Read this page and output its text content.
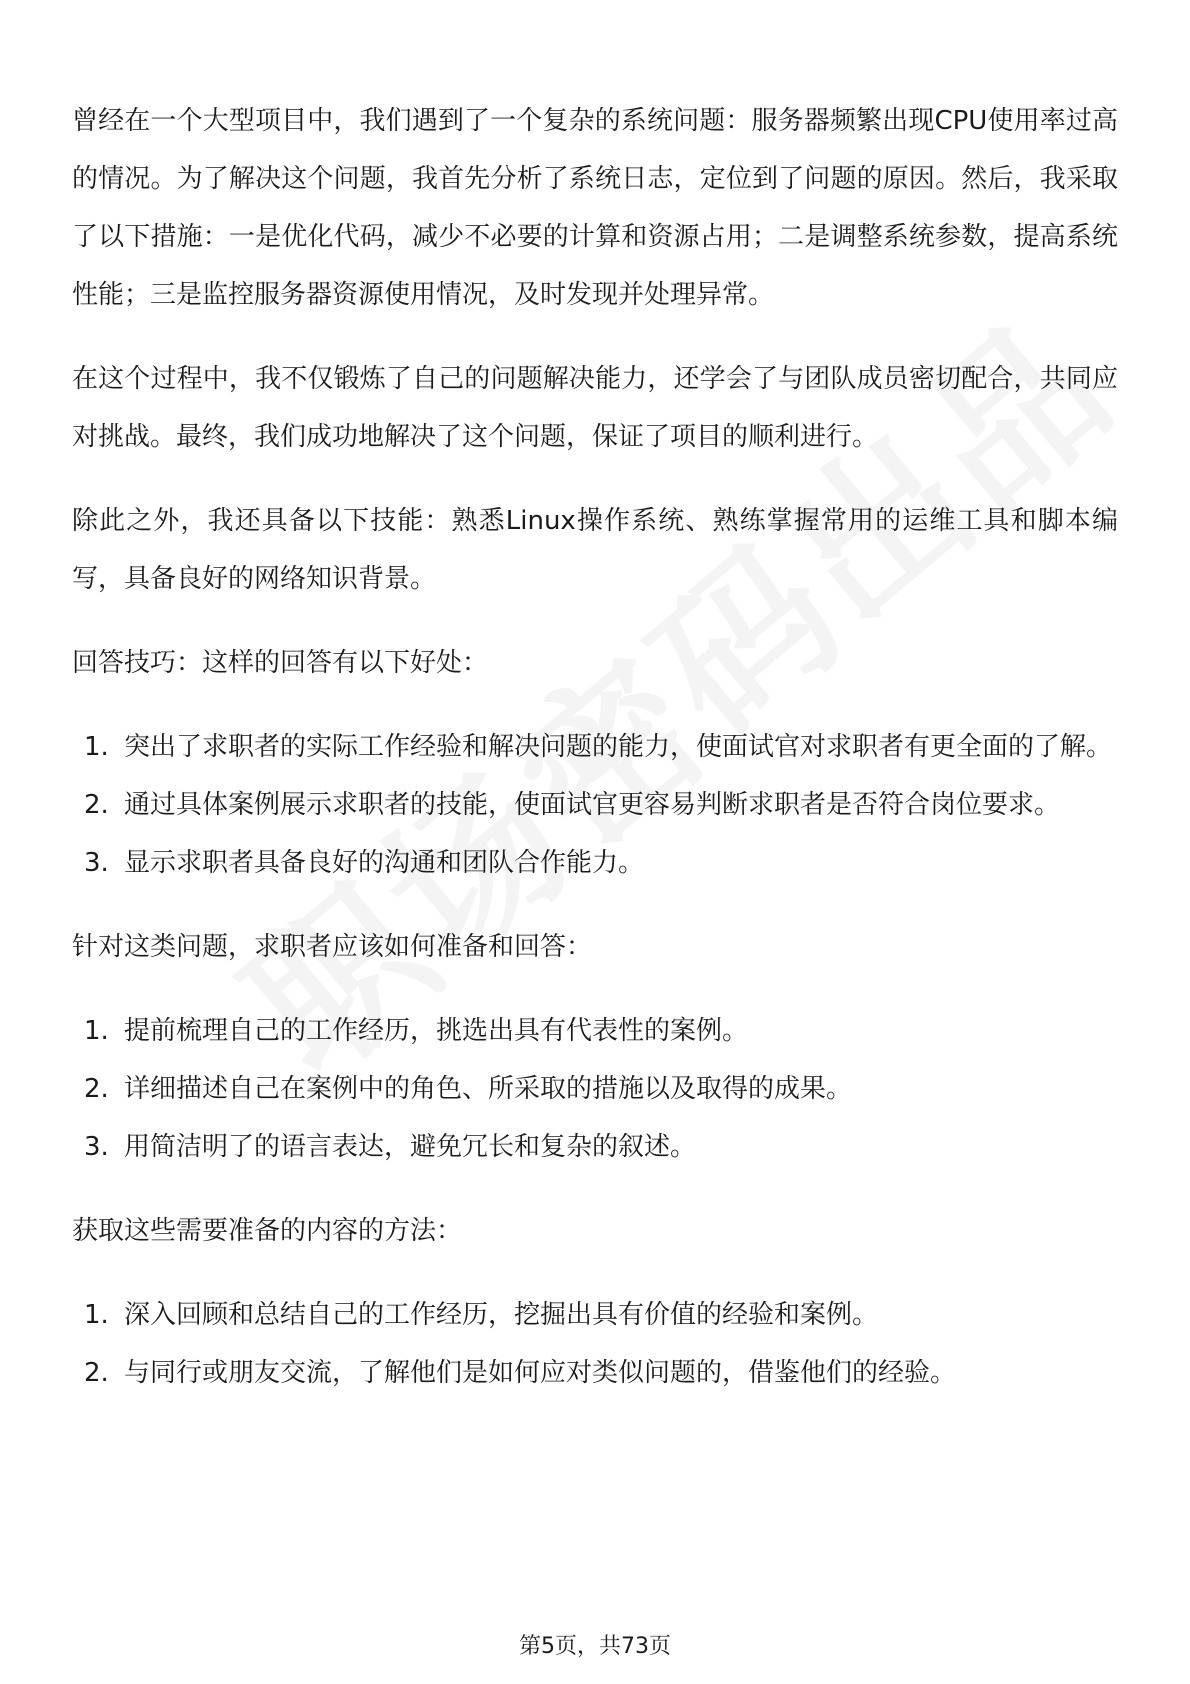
曾经在一个大型项目中，我们遇到了一个复杂的系统问题：服务器频繁出现CPU使用率过高的情况。为了解决这个问题，我首先分析了系统日志，定位到了问题的原因。然后，我采取了以下措施：一是优化代码，减少不必要的计算和资源占用；二是调整系统参数，提高系统性能；三是监控服务器资源使用情况，及时发现并处理异常。

在这个过程中，我不仅锻炼了自己的问题解决能力，还学会了与团队成员密切配合，共同应对挑战。最终，我们成功地解决了这个问题，保证了项目的顺利进行。

除此之外，我还具备以下技能：熟悉Linux操作系统、熟练掌握常用的运维工具和脚本编写，具备良好的网络知识背景。

回答技巧：这样的回答有以下好处：

1. 突出了求职者的实际工作经验和解决问题的能力，使面试官对求职者有更全面的了解。
2. 通过具体案例展示求职者的技能，使面试官更容易判断求职者是否符合岗位要求。
3. 显示求职者具备良好的沟通和团队合作能力。

针对这类问题，求职者应该如何准备和回答：

1. 提前梳理自己的工作经历，挑选出具有代表性的案例。
2. 详细描述自己在案例中的角色、所采取的措施以及取得的成果。
3. 用简洁明了的语言表达，避免冗长和复杂的叙述。

获取这些需要准备的内容的方法：

1. 深入回顾和总结自己的工作经历，挖掘出具有价值的经验和案例。
2. 与同行或朋友交流，了解他们是如何应对类似问题的，借鉴他们的经验。
第5页，共73页
